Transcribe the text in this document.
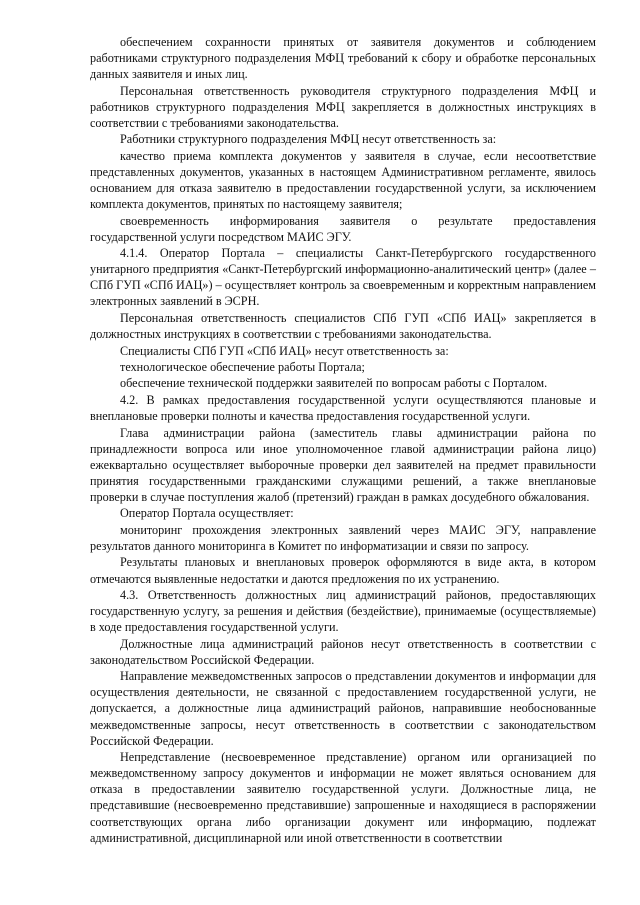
обеспечением сохранности принятых от заявителя документов и соблюдением работниками структурного подразделения МФЦ требований к сбору и обработке персональных данных заявителя и иных лиц.

Персональная ответственность руководителя структурного подразделения МФЦ и работников структурного подразделения МФЦ закрепляется в должностных инструкциях в соответствии с требованиями законодательства.

Работники структурного подразделения МФЦ несут ответственность за:

качество приема комплекта документов у заявителя в случае, если несоответствие представленных документов, указанных в настоящем Административном регламенте, явилось основанием для отказа заявителю в предоставлении государственной услуги, за исключением комплекта документов, принятых по настоящему заявителя;

своевременность информирования заявителя о результате предоставления государственной услуги посредством МАИС ЭГУ.

4.1.4. Оператор Портала – специалисты Санкт-Петербургского государственного унитарного предприятия «Санкт-Петербургский информационно-аналитический центр» (далее – СПб ГУП «СПб ИАЦ») – осуществляет контроль за своевременным и корректным направлением электронных заявлений в ЭСРН.

Персональная ответственность специалистов СПб ГУП «СПб ИАЦ» закрепляется в должностных инструкциях в соответствии с требованиями законодательства.

Специалисты СПб ГУП «СПб ИАЦ» несут ответственность за:

технологическое обеспечение работы Портала;

обеспечение технической поддержки заявителей по вопросам работы с Порталом.

4.2. В рамках предоставления государственной услуги осуществляются плановые и внеплановые проверки полноты и качества предоставления государственной услуги.

Глава администрации района (заместитель главы администрации района по принадлежности вопроса или иное уполномоченное главой администрации района лицо) ежеквартально осуществляет выборочные проверки дел заявителей на предмет правильности принятия государственными гражданскими служащими решений, а также внеплановые проверки в случае поступления жалоб (претензий) граждан в рамках досудебного обжалования.

Оператор Портала осуществляет:

мониторинг прохождения электронных заявлений через МАИС ЭГУ, направление результатов данного мониторинга в Комитет по информатизации и связи по запросу.

Результаты плановых и внеплановых проверок оформляются в виде акта, в котором отмечаются выявленные недостатки и даются предложения по их устранению.

4.3. Ответственность должностных лиц администраций районов, предоставляющих государственную услугу, за решения и действия (бездействие), принимаемые (осуществляемые) в ходе предоставления государственной услуги.

Должностные лица администраций районов несут ответственность в соответствии с законодательством Российской Федерации.

Направление межведомственных запросов о представлении документов и информации для осуществления деятельности, не связанной с предоставлением государственной услуги, не допускается, а должностные лица администраций районов, направившие необоснованные межведомственные запросы, несут ответственность в соответствии с законодательством Российской Федерации.

Непредставление (несвоевременное представление) органом или организацией по межведомственному запросу документов и информации не может являться основанием для отказа в предоставлении заявителю государственной услуги. Должностные лица, не представившие (несвоевременно представившие) запрошенные и находящиеся в распоряжении соответствующих органа либо организации документ или информацию, подлежат административной, дисциплинарной или иной ответственности в соответствии
